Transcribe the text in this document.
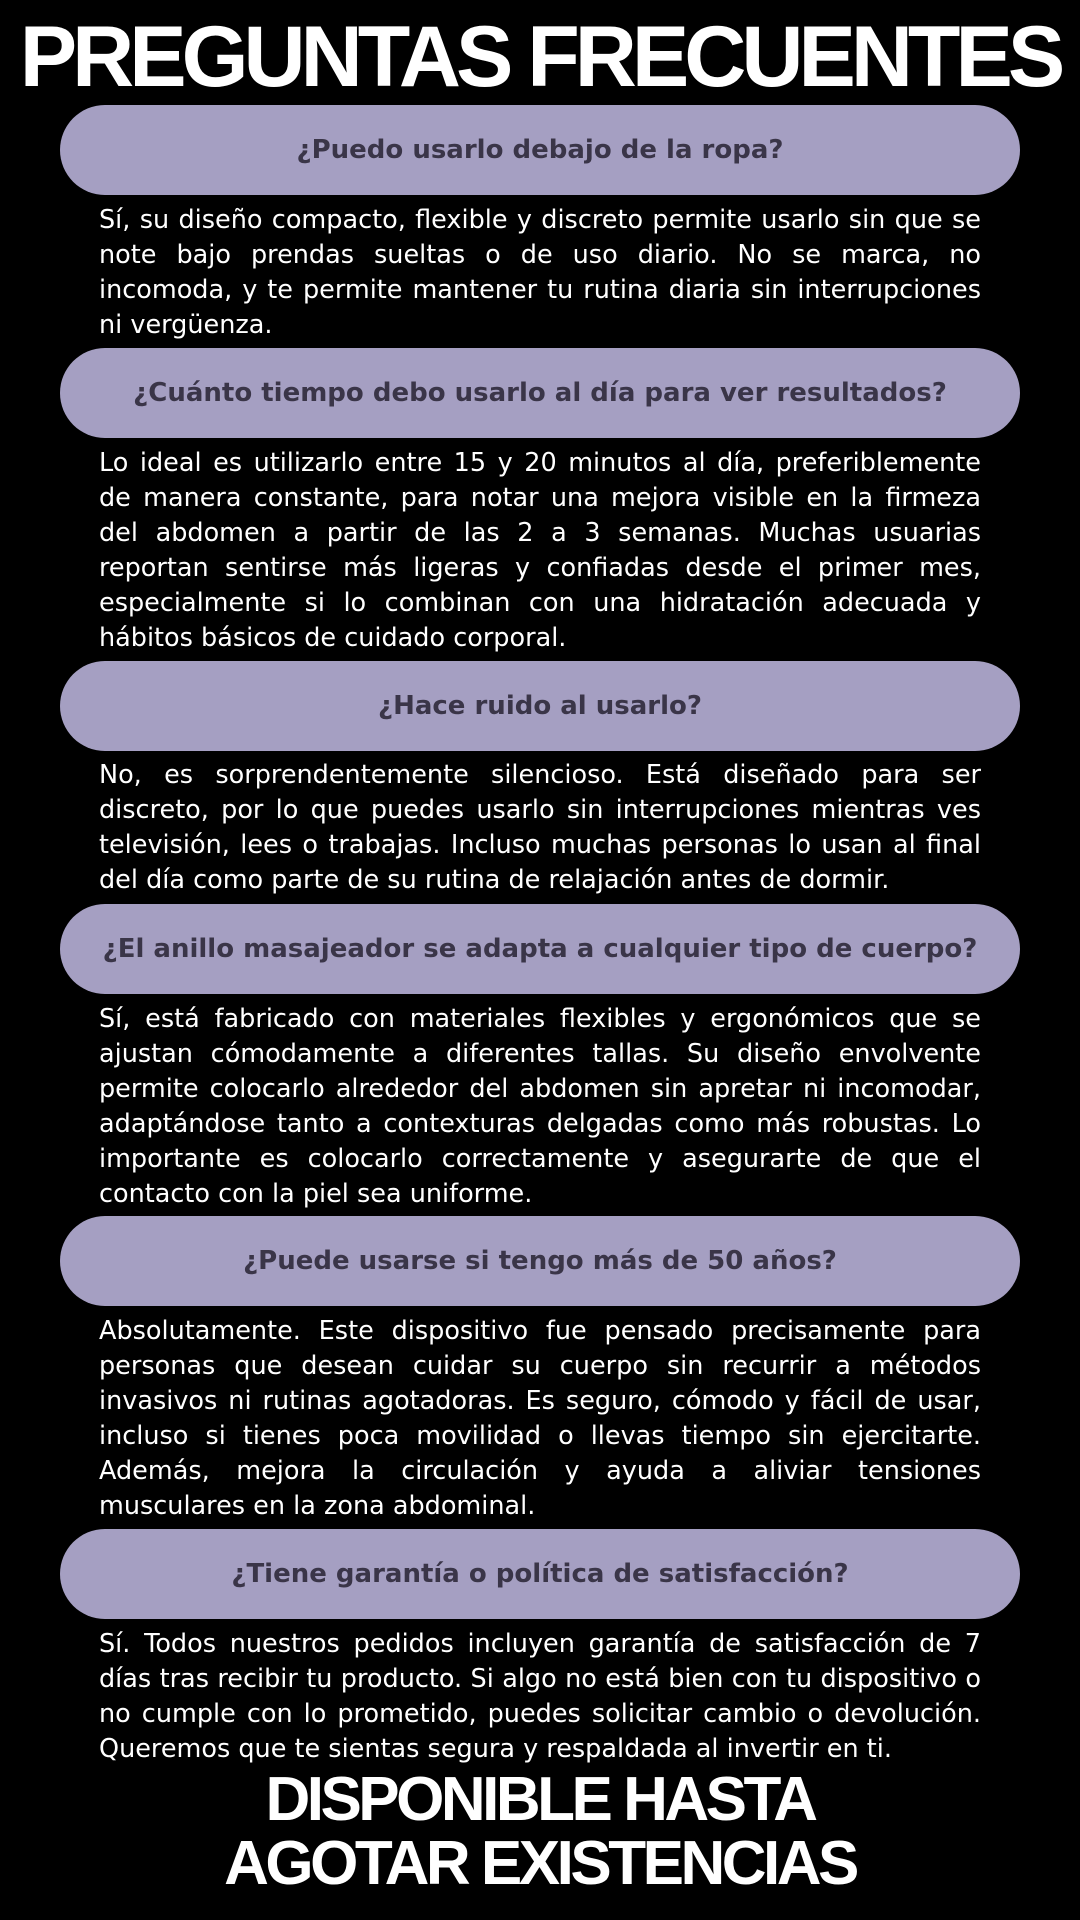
PREGUNTAS FRECUENTES
¿Puedo usarlo debajo de la ropa?

Sí, su diseño compacto, flexible y discreto permite usarlo sin que se note bajo prendas sueltas o de uso diario. No se marca, no incomoda, y te permite mantener tu rutina diaria sin interrupciones ni vergüenza.

¿Cuánto tiempo debo usarlo al día para ver resultados?

Lo ideal es utilizarlo entre 15 y 20 minutos al día, preferiblemente de manera constante, para notar una mejora visible en la firmeza del abdomen a partir de las 2 a 3 semanas. Muchas usuarias reportan sentirse más ligeras y confiadas desde el primer mes, especialmente si lo combinan con una hidratación adecuada y hábitos básicos de cuidado corporal.

¿Hace ruido al usarlo?

No, es sorprendentemente silencioso. Está diseñado para ser discreto, por lo que puedes usarlo sin interrupciones mientras ves televisión, lees o trabajas. Incluso muchas personas lo usan al final del día como parte de su rutina de relajación antes de dormir.

¿El anillo masajeador se adapta a cualquier tipo de cuerpo?

Sí, está fabricado con materiales flexibles y ergonómicos que se ajustan cómodamente a diferentes tallas. Su diseño envolvente permite colocarlo alrededor del abdomen sin apretar ni incomodar, adaptándose tanto a contexturas delgadas como más robustas. Lo importante es colocarlo correctamente y asegurarte de que el contacto con la piel sea uniforme.

¿Puede usarse si tengo más de 50 años?

Absolutamente. Este dispositivo fue pensado precisamente para personas que desean cuidar su cuerpo sin recurrir a métodos invasivos ni rutinas agotadoras. Es seguro, cómodo y fácil de usar, incluso si tienes poca movilidad o llevas tiempo sin ejercitarte. Además, mejora la circulación y ayuda a aliviar tensiones musculares en la zona abdominal.

¿Tiene garantía o política de satisfacción?

Sí. Todos nuestros pedidos incluyen garantía de satisfacción de 7 días tras recibir tu producto. Si algo no está bien con tu dispositivo o no cumple con lo prometido, puedes solicitar cambio o devolución. Queremos que te sientas segura y respaldada al invertir en ti.

DISPONIBLE HASTA
AGOTAR EXISTENCIAS
